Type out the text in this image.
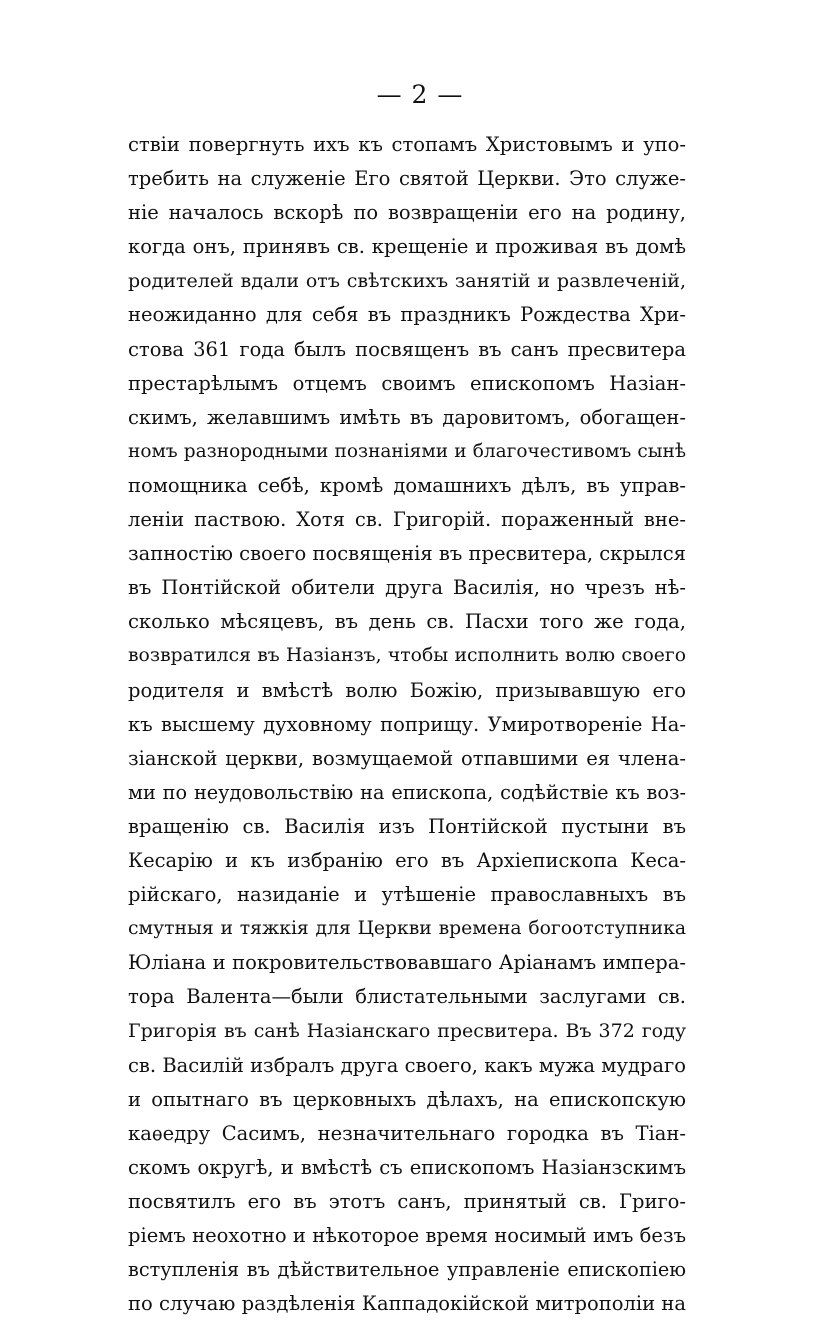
— 2 —
ствіи повергнуть ихъ къ стопамъ Христовымъ и упо-
требить на служеніе Его святой Церкви. Это служе-
ніе началось вскорѣ по возвращеніи его на родину,
когда онъ, принявъ св. крещеніе и проживая въ домѣ
родителей вдали отъ свѣтскихъ занятій и развлеченій,
неожиданно для себя въ праздникъ Рождества Хри-
стова 361 года былъ посвященъ въ санъ пресвитера
престарѣлымъ отцемъ своимъ епископомъ Назіан-
скимъ, желавшимъ имѣть въ даровитомъ, обогащен-
номъ разнородными познаніями и благочестивомъ сынѣ
помощника себѣ, кромѣ домашнихъ дѣлъ, въ управ-
леніи паствою. Хотя св. Григорій. пораженный вне-
запностію своего посвященія въ пресвитера, скрылся
въ Понтійской обители друга Василія, но чрезъ нѣ-
сколько мѣсяцевъ, въ день св. Пасхи того же года,
возвратился въ Назіанзъ, чтобы исполнить волю своего
родителя и вмѣстѣ волю Божію, призывавшую его
къ высшему духовному поприщу. Умиротвореніе На-
зіанской церкви, возмущаемой отпавшими ея члена-
ми по неудовольствію на епископа, содѣйствіе къ воз-
вращенію св. Василія изъ Понтійской пустыни въ
Кесарію и къ избранію его въ Архіепископа Кеса-
рійскаго, назиданіе и утѣшеніе православныхъ въ
смутныя и тяжкія для Церкви времена богоотступника
Юліана и покровительствовавшаго Аріанамъ импера-
тора Валента—были блистательными заслугами св.
Григорія въ санѣ Назіанскаго пресвитера. Въ 372 году
св. Василій избралъ друга своего, какъ мужа мудраго
и опытнаго въ церковныхъ дѣлахъ, на епископскую
каѳедру Сасимъ, незначительнаго городка въ Тіан-
скомъ округѣ, и вмѣстѣ съ епископомъ Назіанзскимъ
посвятилъ его въ этотъ санъ, принятый св. Григо-
ріемъ неохотно и нѣкоторое время носимый имъ безъ
вступленія въ дѣйствительное управленіе епископіею
по случаю раздѣленія Каппадокійской митрополіи на
